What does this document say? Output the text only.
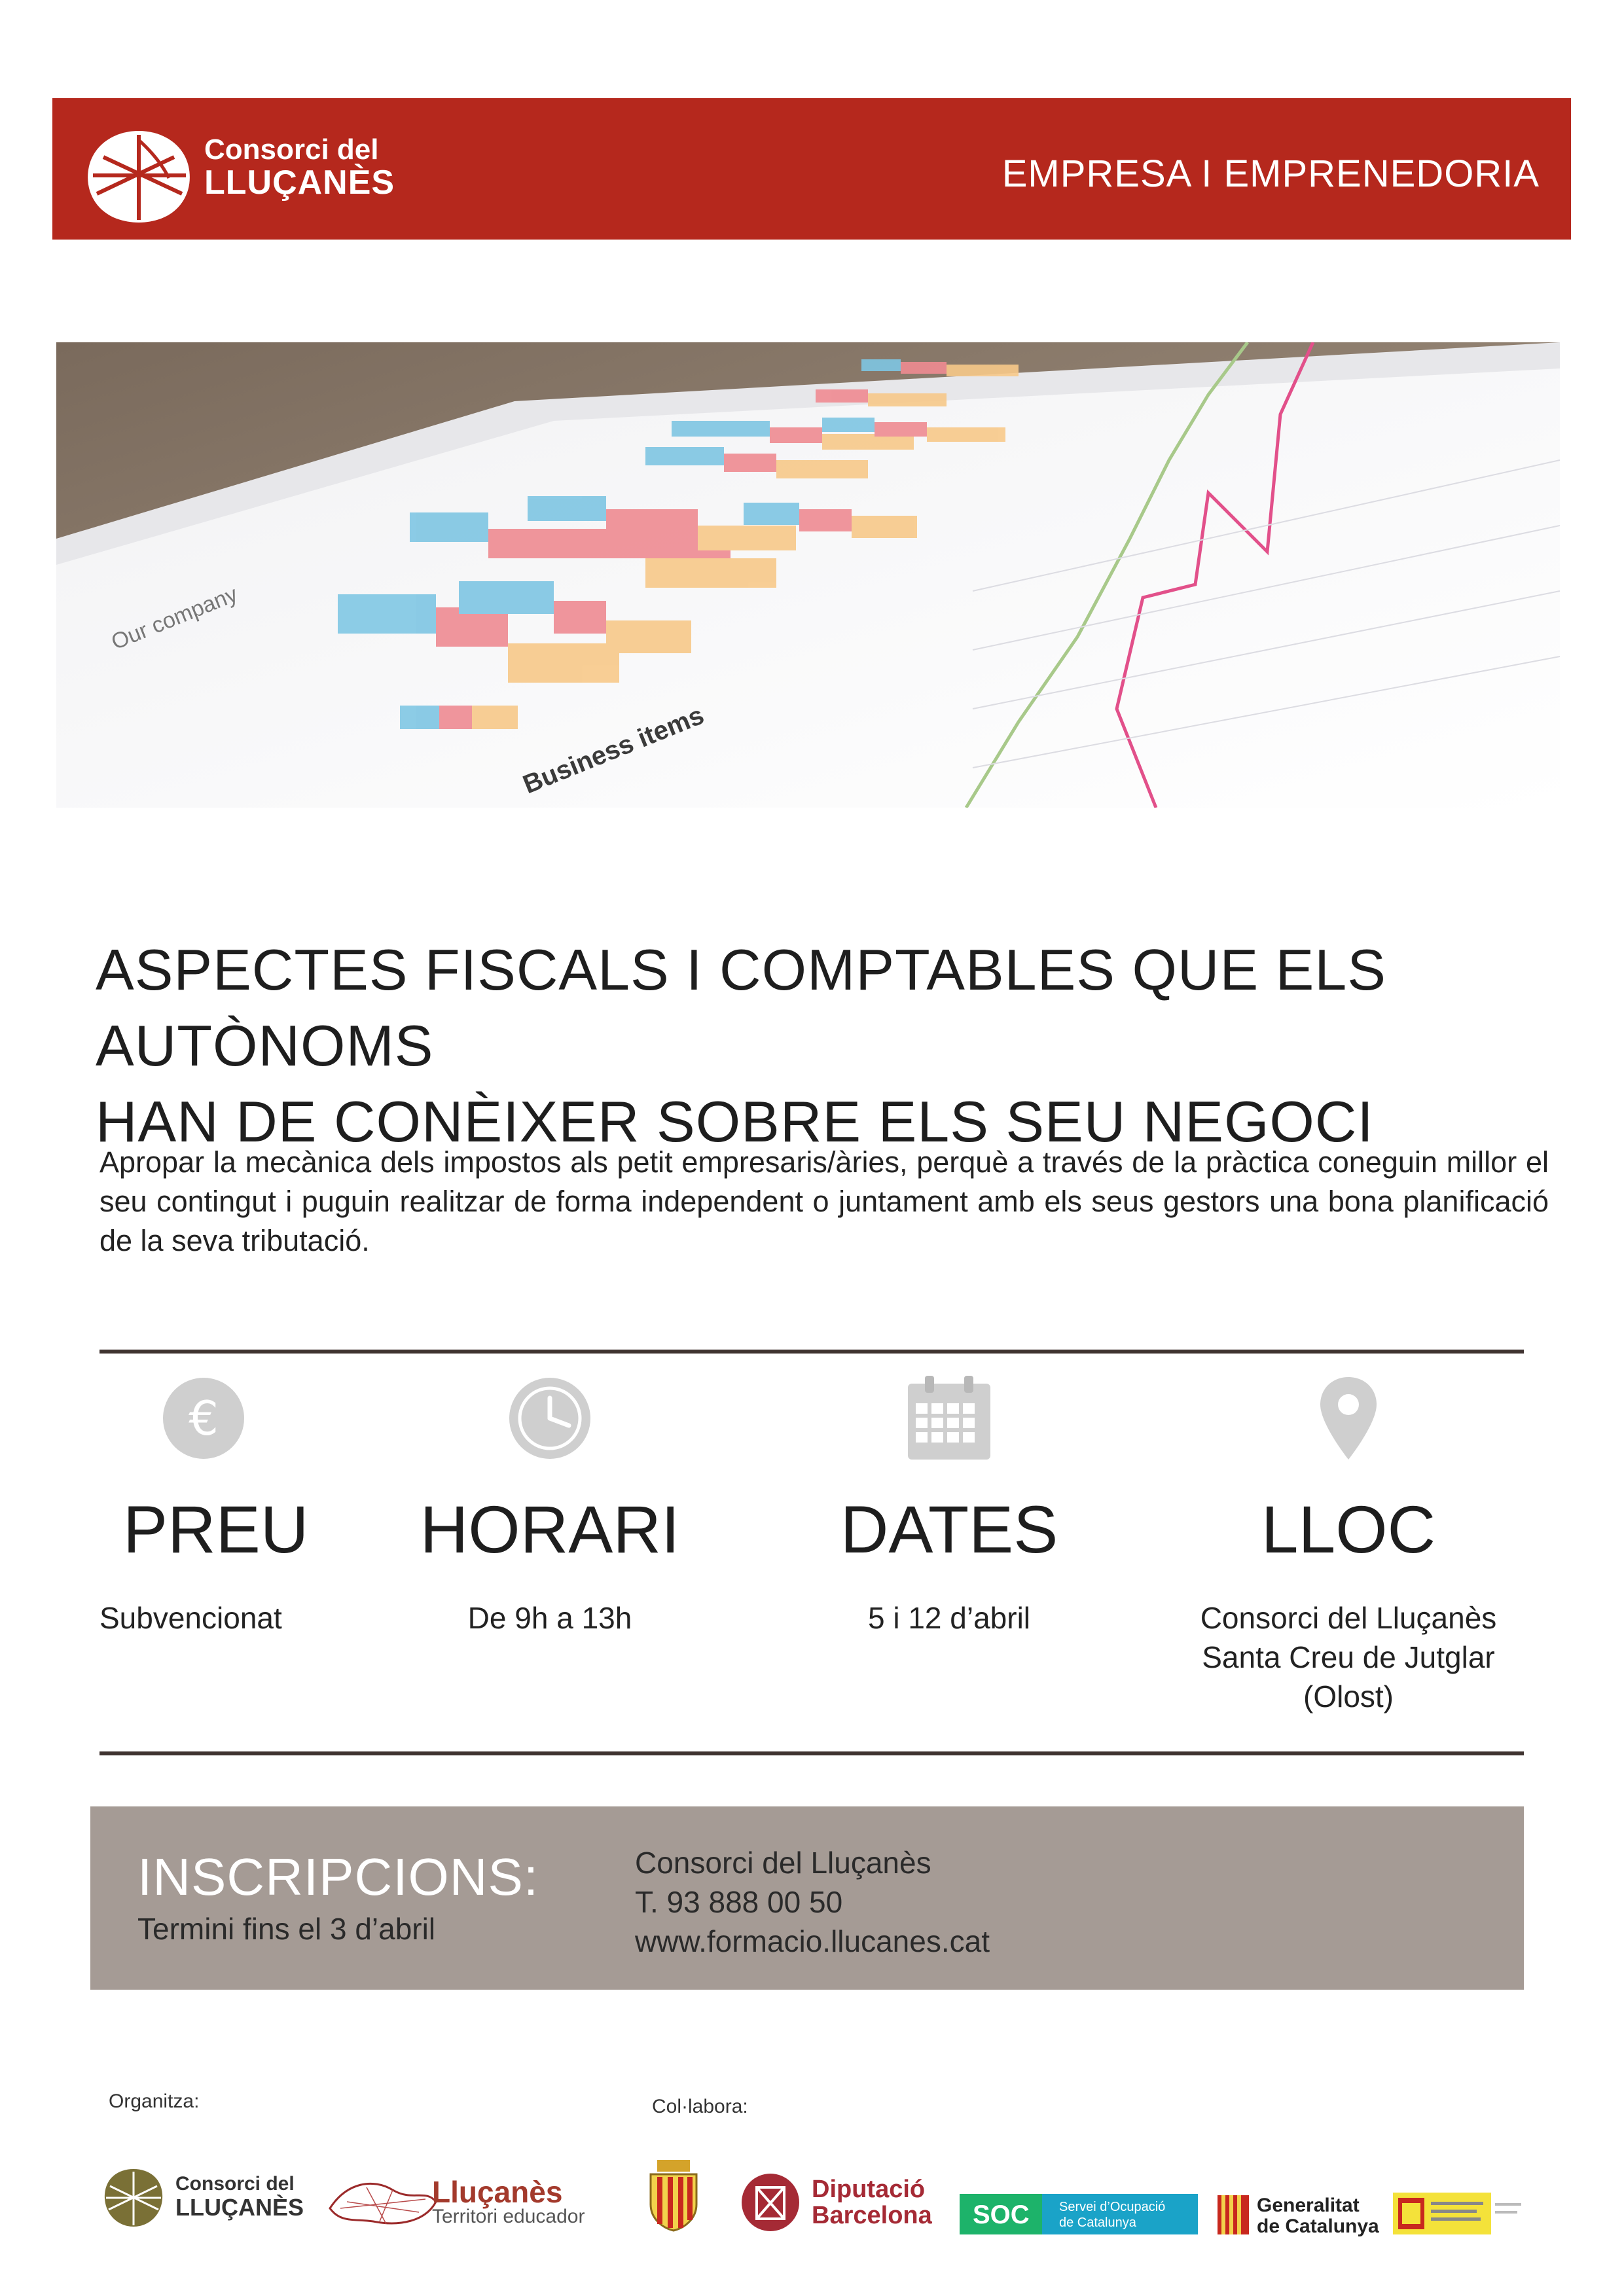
Consorci del
LLUÇANÈS	EMPRESA I EMPRENEDORIA
Business items
Our company
ASPECTES FISCALS I COMPTABLES QUE ELS AUTÒNOMS
HAN DE CONÈIXER SOBRE ELS SEU NEGOCI
Apropar la mecànica dels impostos als petit empresaris/àries, perquè a través de la pràctica coneguin millor el seu contingut i puguin realitzar de forma independent o juntament amb els seus gestors una bona planificació de la seva tributació.
€
PREU
Subvencionat
HORARI
De 9h a 13h
DATES
5 i 12 d’abril
LLOC
Consorci del Lluçanès
Santa Creu de Jutglar
(Olost)
INSCRIPCIONS:
Termini fins el 3 d’abril
Consorci del Lluçanès
T. 93 888 00 50
www.formacio.llucanes.cat
Organitza:	Col·labora:
Consorci del
LLUÇANÈS	Lluçanès
Territori educador
Diputació
Barcelona SOC Servei d’Ocupació
de Catalunya
Generalitat
de Catalunya
